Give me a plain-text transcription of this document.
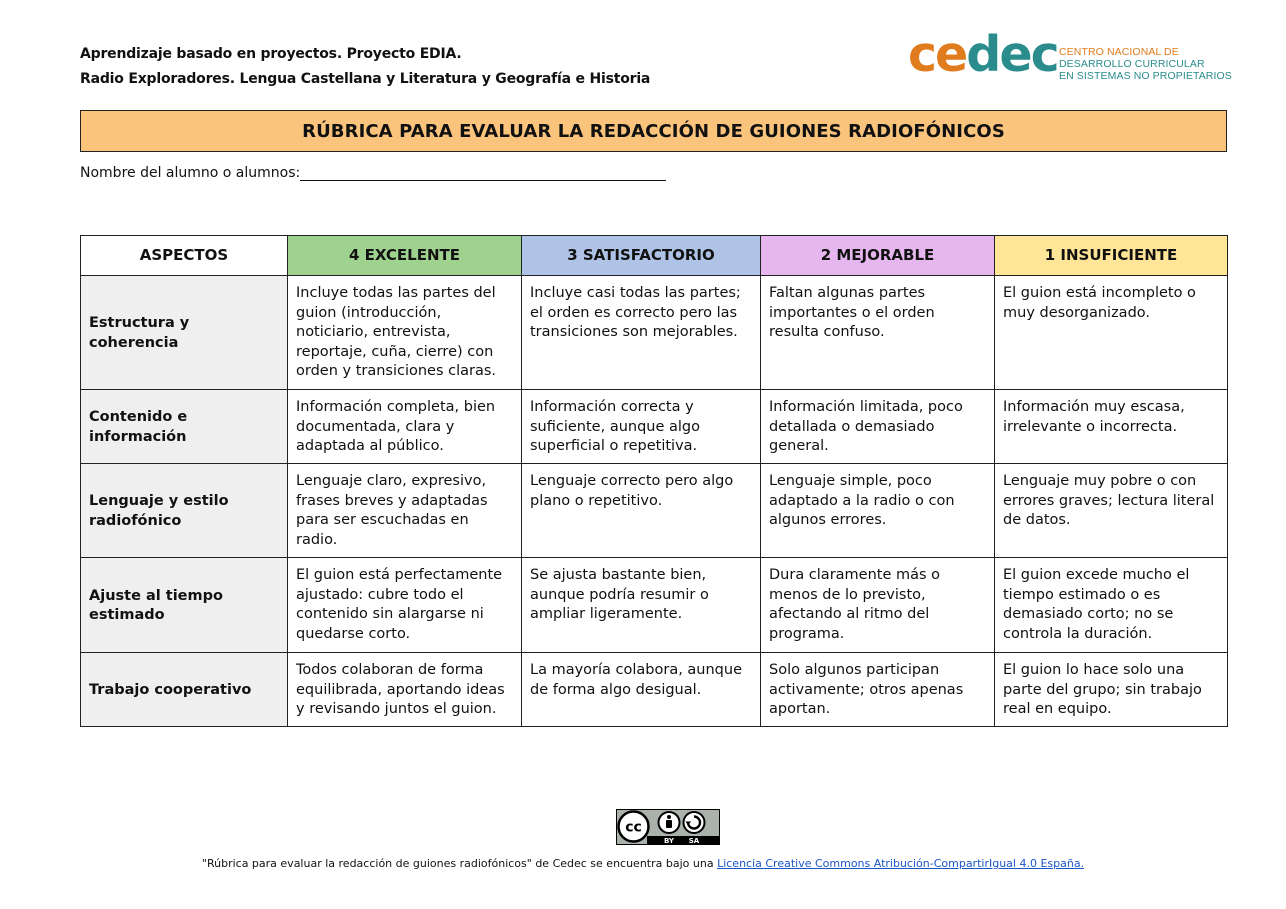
Aprendizaje basado en proyectos. Proyecto EDIA.
Radio Exploradores. Lengua Castellana y Literatura y Geografía e Historia	cedec CENTRO NACIONAL DE
DESARROLLO CURRICULAR
EN SISTEMAS NO PROPIETARIOS
RÚBRICA PARA EVALUAR LA REDACCIÓN DE GUIONES RADIOFÓNICOS
Nombre del alumno o alumnos:
ASPECTOS	4 EXCELENTE	3 SATISFACTORIO	2 MEJORABLE	1 INSUFICIENTE
Estructura y coherencia	Incluye todas las partes del guion (introducción, noticiario, entrevista, reportaje, cuña, cierre) con orden y transiciones claras.	Incluye casi todas las partes; el orden es correcto pero las transiciones son mejorables.	Faltan algunas partes importantes o el orden resulta confuso.	El guion está incompleto o muy desorganizado.
Contenido e información	Información completa, bien documentada, clara y adaptada al público.	Información correcta y suficiente, aunque algo superficial o repetitiva.	Información limitada, poco detallada o demasiado general.	Información muy escasa, irrelevante o incorrecta.
Lenguaje y estilo radiofónico	Lenguaje claro, expresivo, frases breves y adaptadas para ser escuchadas en radio.	Lenguaje correcto pero algo plano o repetitivo.	Lenguaje simple, poco adaptado a la radio o con algunos errores.	Lenguaje muy pobre o con errores graves; lectura literal de datos.
Ajuste al tiempo estimado	El guion está perfectamente ajustado: cubre todo el contenido sin alargarse ni quedarse corto.	Se ajusta bastante bien, aunque podría resumir o ampliar ligeramente.	Dura claramente más o menos de lo previsto, afectando al ritmo del programa.	El guion excede mucho el tiempo estimado o es demasiado corto; no se controla la duración.
Trabajo cooperativo	Todos colaboran de forma equilibrada, aportando ideas y revisando juntos el guion.	La mayoría colabora, aunque de forma algo desigual.	Solo algunos participan activamente; otros apenas aportan.	El guion lo hace solo una parte del grupo; sin trabajo real en equipo.
cc
BY SA
"Rúbrica para evaluar la redacción de guiones radiofónicos" de Cedec se encuentra bajo una Licencia Creative Commons Atribución-CompartirIgual 4.0 España.
